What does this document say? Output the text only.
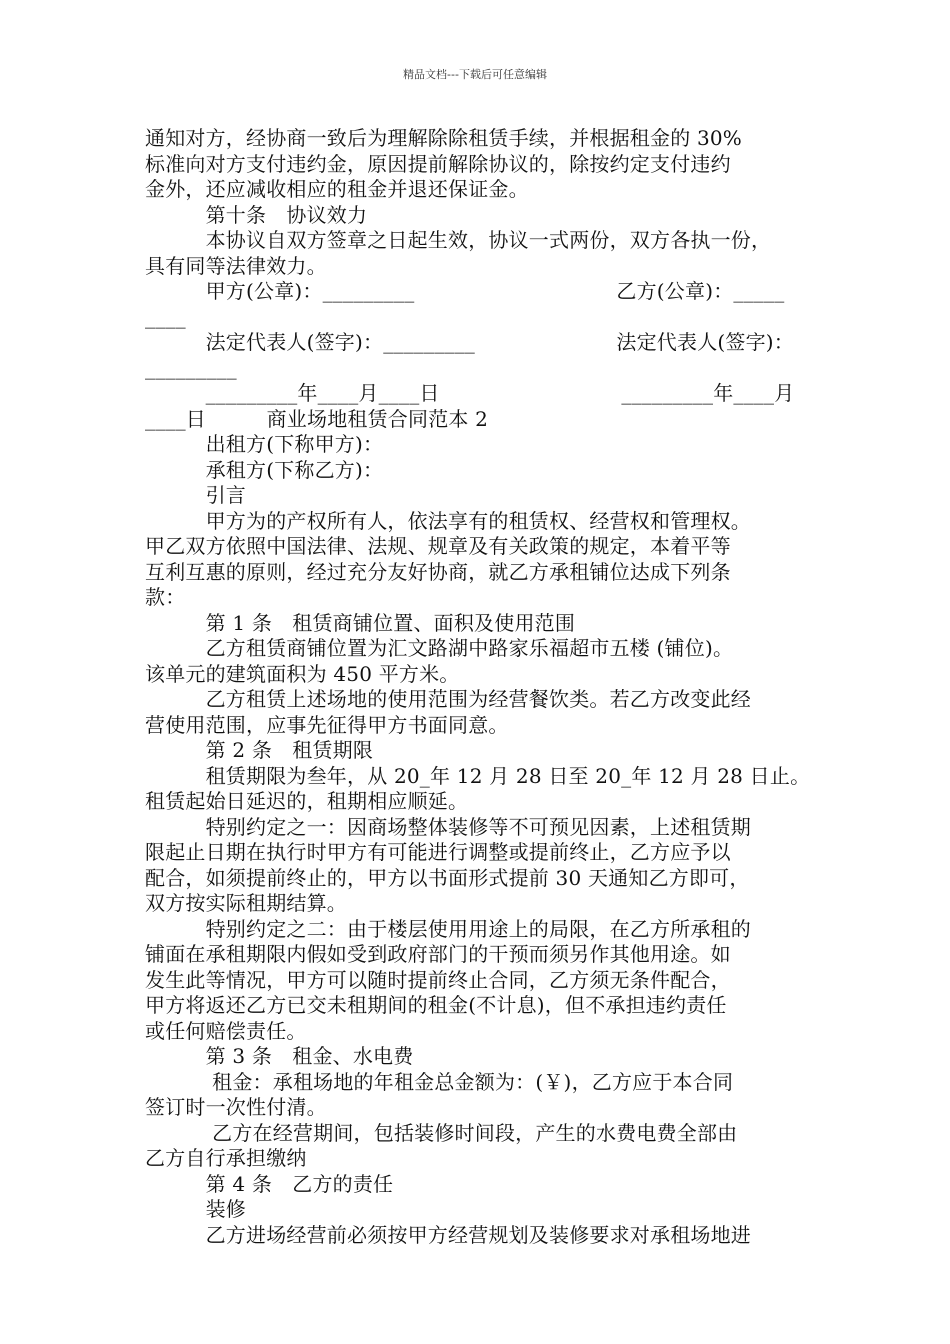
精品文档---下载后可任意编辑
通知对方，经协商一致后为理解除除租赁手续，并根据租金的 30%
标准向对方支付违约金，原因提前解除协议的，除按约定支付违约
金外，还应减收相应的租金并退还保证金。
　　　第十条　协议效力
　　　本协议自双方签章之日起生效，协议一式两份，双方各执一份，
具有同等法律效力。
　　　甲方(公章)：_________　　　　　　　　　　乙方(公章)：_____
____
　　　法定代表人(签字)：_________　　　　　　　法定代表人(签字)：
_________
　　　_________年____月____日　　　　　　　　　_________年____月
____日　　　商业场地租赁合同范本 2
　　　出租方(下称甲方)：
　　　承租方(下称乙方)：
　　　引言
　　　甲方为的产权所有人，依法享有的租赁权、经营权和管理权。
甲乙双方依照中国法律、法规、规章及有关政策的规定，本着平等
互利互惠的原则，经过充分友好协商，就乙方承租铺位达成下列条
款：
　　　第 1 条　租赁商铺位置、面积及使用范围
　　　乙方租赁商铺位置为汇文路湖中路家乐福超市五楼 (铺位)。
该单元的建筑面积为 450 平方米。
　　　乙方租赁上述场地的使用范围为经营餐饮类。若乙方改变此经
营使用范围，应事先征得甲方书面同意。
　　　第 2 条　租赁期限
　　　租赁期限为叁年，从 20_年 12 月 28 日至 20_年 12 月 28 日止。
租赁起始日延迟的，租期相应顺延。
　　　特别约定之一：因商场整体装修等不可预见因素，上述租赁期
限起止日期在执行时甲方有可能进行调整或提前终止，乙方应予以
配合，如须提前终止的，甲方以书面形式提前 30 天通知乙方即可，
双方按实际租期结算。
　　　特别约定之二：由于楼层使用用途上的局限，在乙方所承租的
铺面在承租期限内假如受到政府部门的干预而须另作其他用途。如
发生此等情况，甲方可以随时提前终止合同，乙方须无条件配合，
甲方将返还乙方已交未租期间的租金(不计息)，但不承担违约责任
或任何赔偿责任。
　　　第 3 条　租金、水电费
　　　 租金：承租场地的年租金总金额为：(￥)，乙方应于本合同
签订时一次性付清。
　　　 乙方在经营期间，包括装修时间段，产生的水费电费全部由
乙方自行承担缴纳
　　　第 4 条　乙方的责任
　　　装修
　　　乙方进场经营前必须按甲方经营规划及装修要求对承租场地进
